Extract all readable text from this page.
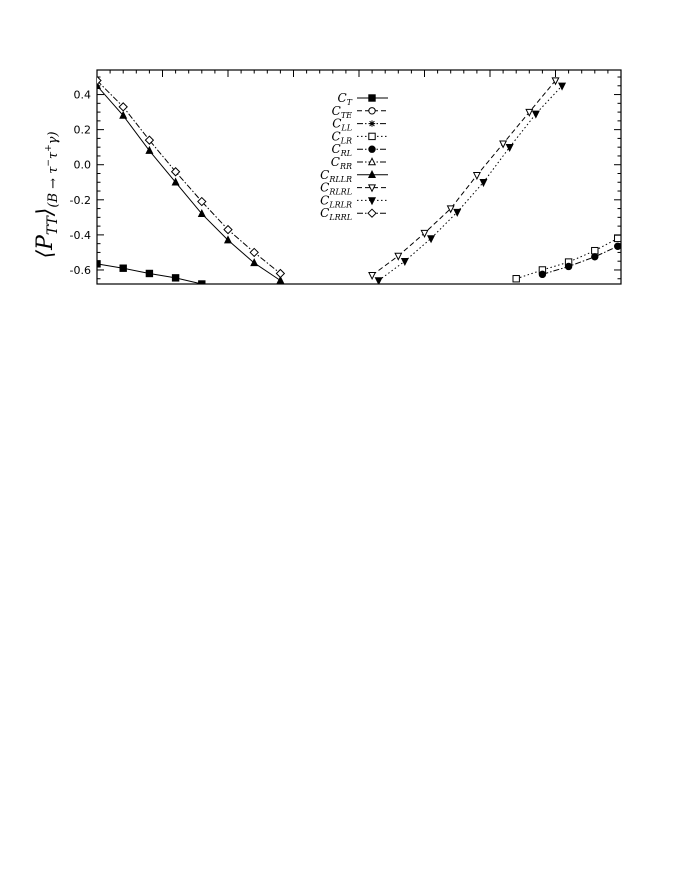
-0.6
-0.4
-0.2
0.0
0.2
0.4	$C_T$
$C_{TE}$
$C_{LL}$
$C_{LR}$
$C_{RL}$
$C_{RR}$
$C_{RLLR}$
$C_{RLRL}$
$C_{LRLR}$
$C_{LRRL}$
$⟨P_{TT}⟩_{(B \to \tau}^-_\tau^+_{\gamma)}$
